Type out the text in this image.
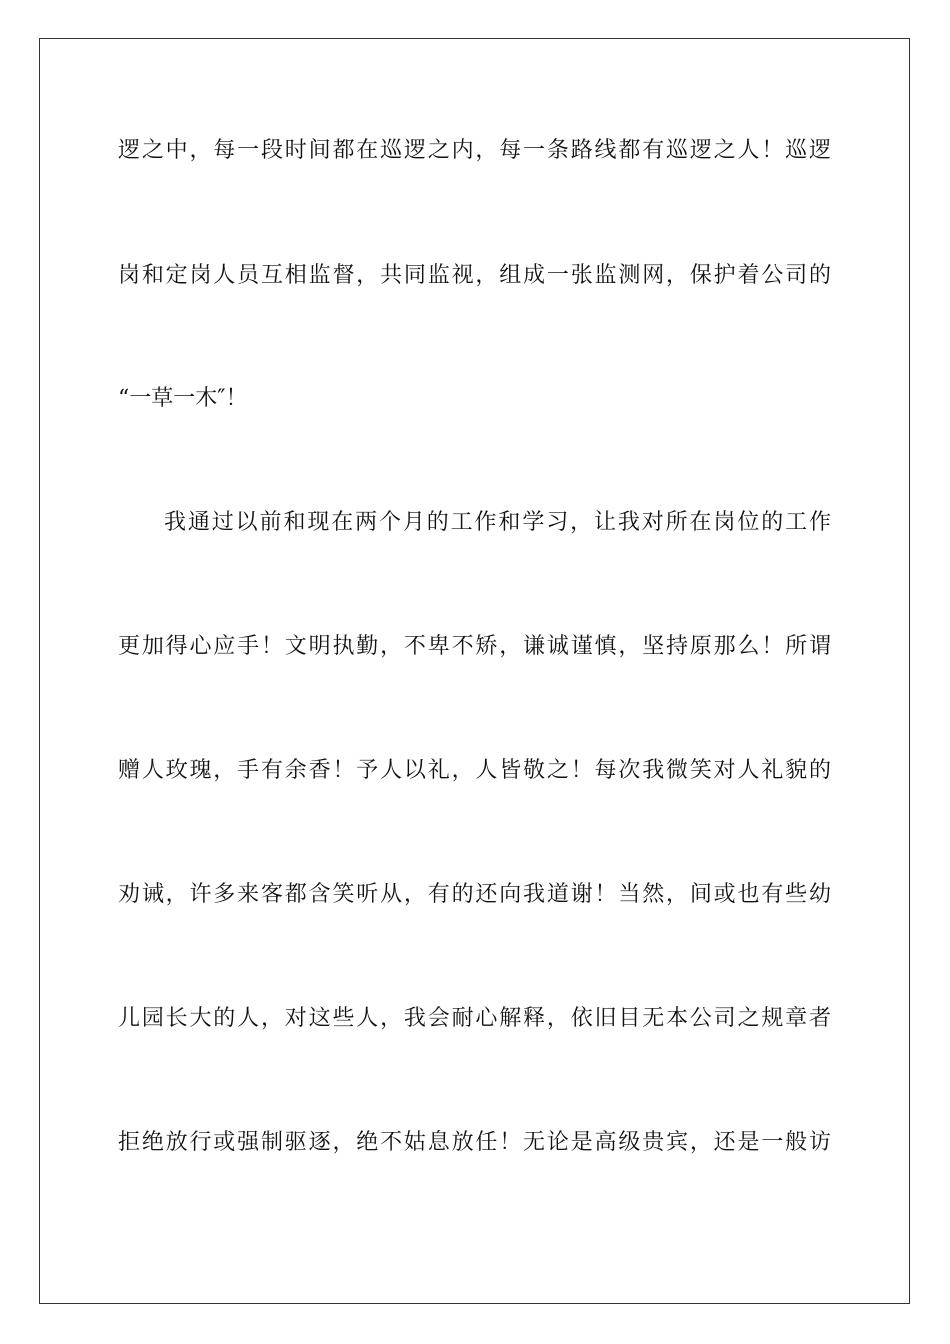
逻之中，每一段时间都在巡逻之内，每一条路线都有巡逻之人！巡逻
岗和定岗人员互相监督，共同监视，组成一张监测网，保护着公司的
“一草一木″！
我通过以前和现在两个月的工作和学习，让我对所在岗位的工作
更加得心应手！文明执勤，不卑不矫，谦诚谨慎，坚持原那么！所谓
赠人玫瑰，手有余香！予人以礼，人皆敬之！每次我微笑对人礼貌的
劝诫，许多来客都含笑听从，有的还向我道谢！当然，间或也有些幼
儿园长大的人，对这些人，我会耐心解释，依旧目无本公司之规章者
拒绝放行或强制驱逐，绝不姑息放任！无论是高级贵宾，还是一般访
